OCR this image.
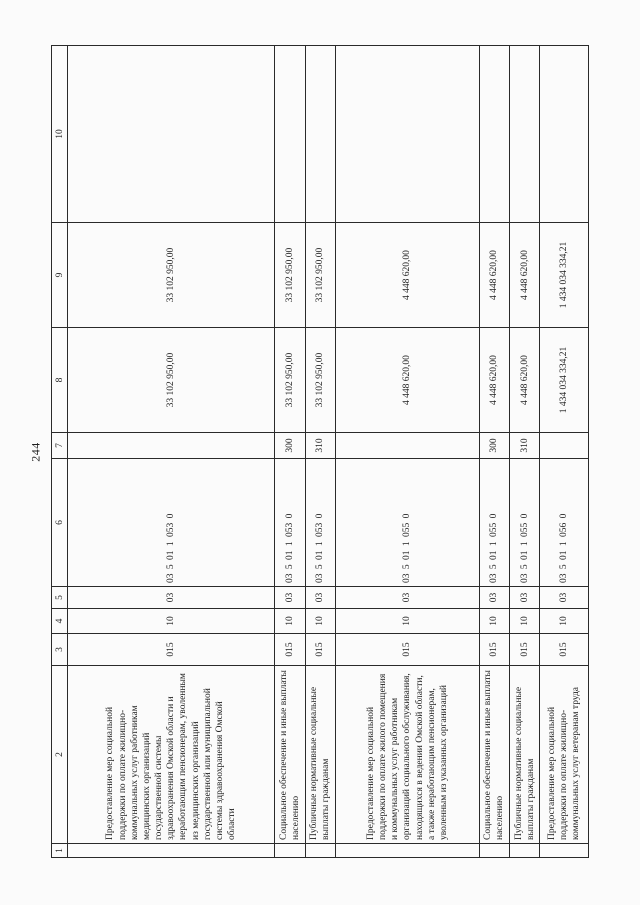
244
1	2	3	4	5	6	7	8	9	10
	Предоставление мер социальной поддержки по оплате жилищно-коммунальных услуг работникам медицинских организаций государственной системы здравоохранения Омской области и неработающим пенсионерам, уволенным из медицинских организаций государственной или муниципальной системы здравоохранения Омской области	015	10	03	03 5 01 1 053 0		33 102 950,00	33 102 950,00	
	Социальное обеспечение и иные выплаты населению	015	10	03	03 5 01 1 053 0	300	33 102 950,00	33 102 950,00	
	Публичные нормативные социальные выплаты гражданам	015	10	03	03 5 01 1 053 0	310	33 102 950,00	33 102 950,00	
	Предоставление мер социальной поддержки по оплате жилого помещения и коммунальных услуг работникам организаций социального обслуживания, находящихся в ведении Омской области, а также неработающим пенсионерам, уволенным из указанных организаций	015	10	03	03 5 01 1 055 0		4 448 620,00	4 448 620,00	
	Социальное обеспечение и иные выплаты населению	015	10	03	03 5 01 1 055 0	300	4 448 620,00	4 448 620,00	
	Публичные нормативные социальные выплаты гражданам	015	10	03	03 5 01 1 055 0	310	4 448 620,00	4 448 620,00	
	Предоставление мер социальной поддержки по оплате жилищно-коммунальных услуг ветеранам труда	015	10	03	03 5 01 1 056 0		1 434 034 334,21	1 434 034 334,21	
